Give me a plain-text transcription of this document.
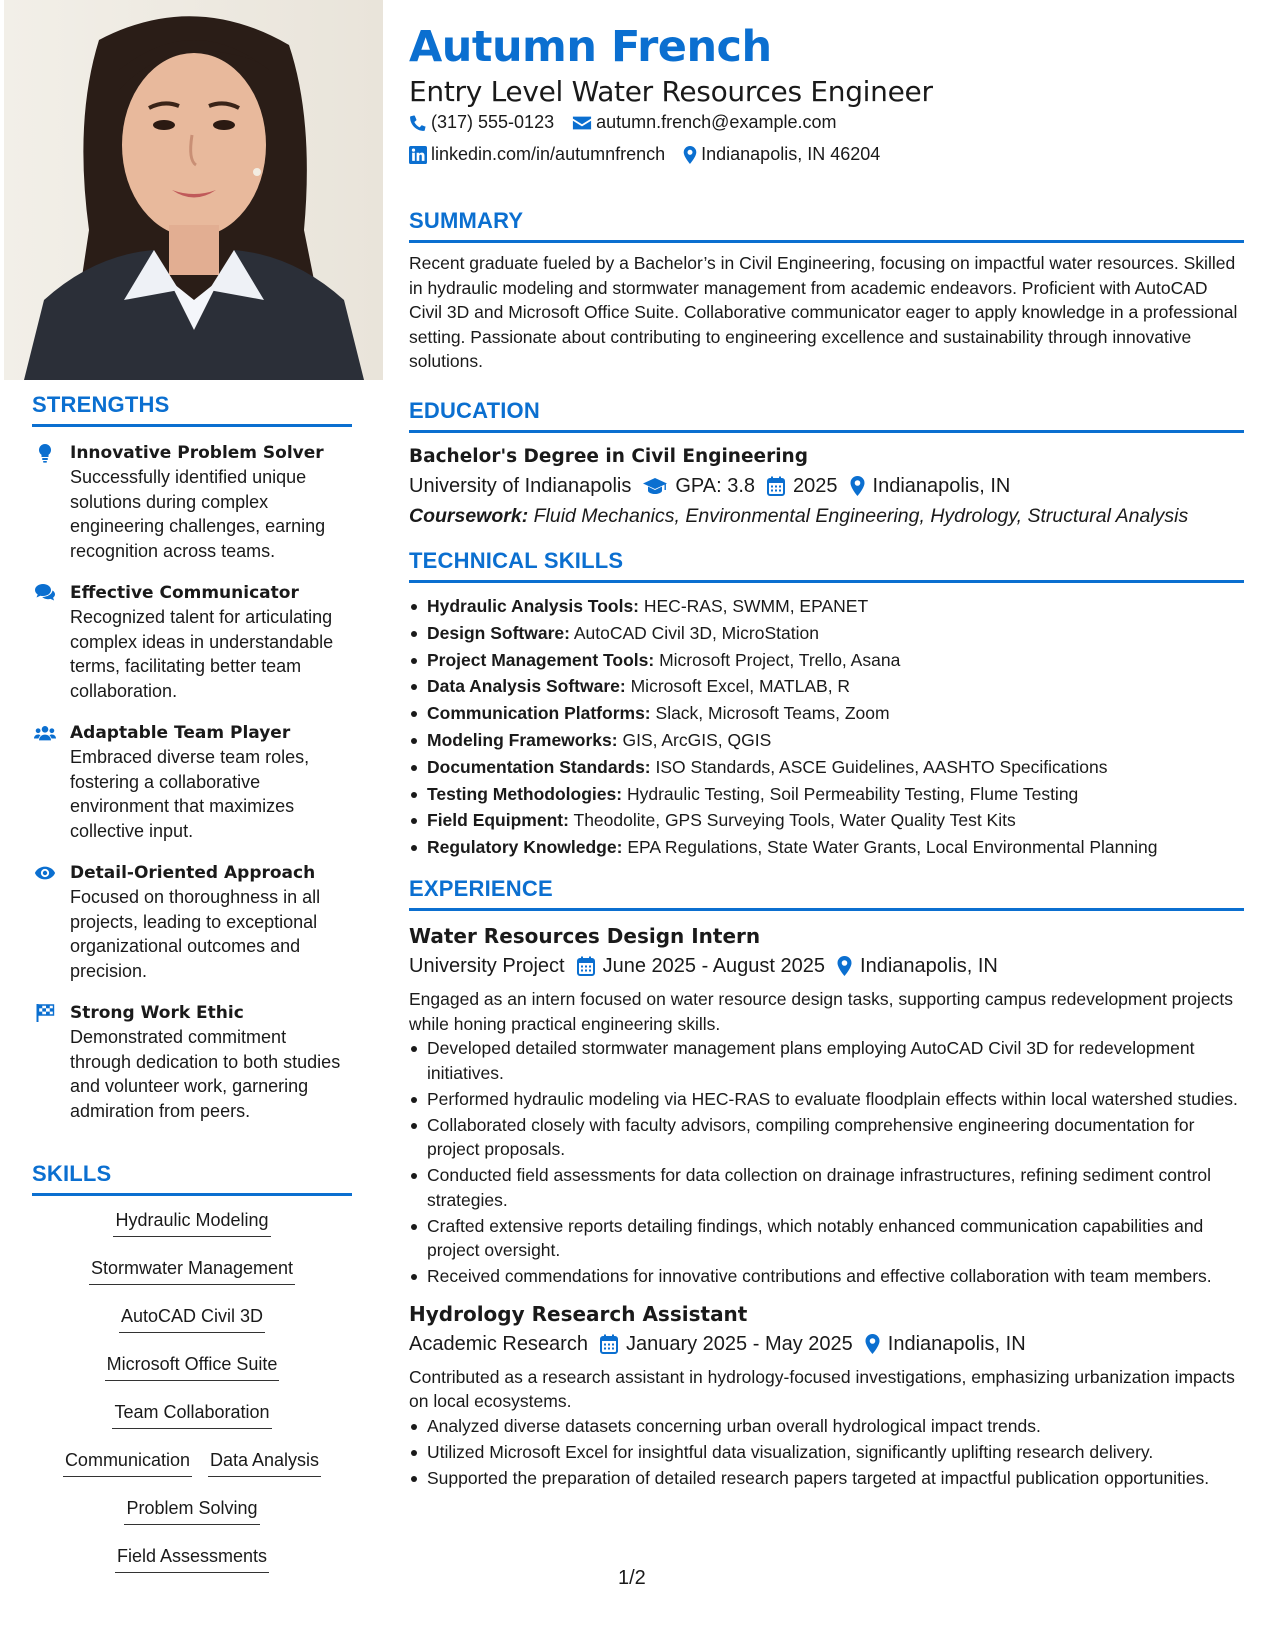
STRENGTHS
Innovative Problem Solver
Successfully identified unique solutions during complex engineering challenges, earning recognition across teams.
Effective Communicator
Recognized talent for articulating complex ideas in understandable terms, facilitating better team collaboration.
Adaptable Team Player
Embraced diverse team roles, fostering a collaborative environment that maximizes collective input.
Detail-Oriented Approach
Focused on thoroughness in all projects, leading to exceptional organizational outcomes and precision.
Strong Work Ethic
Demonstrated commitment through dedication to both studies and volunteer work, garnering admiration from peers.
SKILLS
Hydraulic Modeling
Stormwater Management
AutoCAD Civil 3D
Microsoft Office Suite
Team Collaboration
Communication Data Analysis
Problem Solving
Field Assessments
Autumn French
Entry Level Water Resources Engineer
(317) 555-0123 autumn.french@example.com
linkedin.com/in/autumnfrench Indianapolis, IN 46204
SUMMARY
Recent graduate fueled by a Bachelor’s in Civil Engineering, focusing on impactful water resources. Skilled in hydraulic modeling and stormwater management from academic endeavors. Proficient with AutoCAD Civil 3D and Microsoft Office Suite. Collaborative communicator eager to apply knowledge in a professional setting. Passionate about contributing to engineering excellence and sustainability through innovative solutions.
EDUCATION
Bachelor's Degree in Civil Engineering
University of Indianapolis GPA: 3.8 2025 Indianapolis, IN
Coursework: Fluid Mechanics, Environmental Engineering, Hydrology, Structural Analysis
TECHNICAL SKILLS
Hydraulic Analysis Tools: HEC-RAS, SWMM, EPANET
Design Software: AutoCAD Civil 3D, MicroStation
Project Management Tools: Microsoft Project, Trello, Asana
Data Analysis Software: Microsoft Excel, MATLAB, R
Communication Platforms: Slack, Microsoft Teams, Zoom
Modeling Frameworks: GIS, ArcGIS, QGIS
Documentation Standards: ISO Standards, ASCE Guidelines, AASHTO Specifications
Testing Methodologies: Hydraulic Testing, Soil Permeability Testing, Flume Testing
Field Equipment: Theodolite, GPS Surveying Tools, Water Quality Test Kits
Regulatory Knowledge: EPA Regulations, State Water Grants, Local Environmental Planning
EXPERIENCE
Water Resources Design Intern
University Project June 2025 - August 2025 Indianapolis, IN
Engaged as an intern focused on water resource design tasks, supporting campus redevelopment projects while honing practical engineering skills.
Developed detailed stormwater management plans employing AutoCAD Civil 3D for redevelopment initiatives.
Performed hydraulic modeling via HEC-RAS to evaluate floodplain effects within local watershed studies.
Collaborated closely with faculty advisors, compiling comprehensive engineering documentation for project proposals.
Conducted field assessments for data collection on drainage infrastructures, refining sediment control strategies.
Crafted extensive reports detailing findings, which notably enhanced communication capabilities and project oversight.
Received commendations for innovative contributions and effective collaboration with team members.
Hydrology Research Assistant
Academic Research January 2025 - May 2025 Indianapolis, IN
Contributed as a research assistant in hydrology-focused investigations, emphasizing urbanization impacts on local ecosystems.
Analyzed diverse datasets concerning urban overall hydrological impact trends.
Utilized Microsoft Excel for insightful data visualization, significantly uplifting research delivery.
Supported the preparation of detailed research papers targeted at impactful publication opportunities.
1/2
